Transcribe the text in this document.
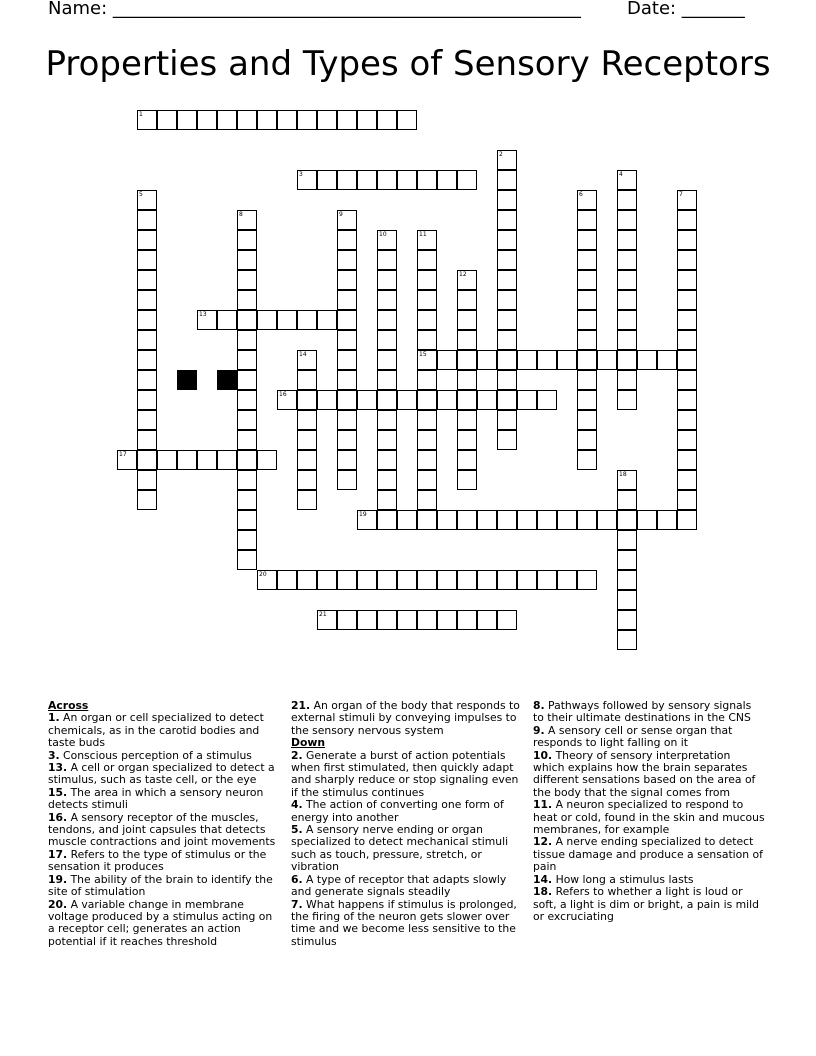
Name: ____________________________________________________	Date: _______
Properties and Types of Sensory Receptors
1
2
3	4
5	6	7
8	9
10	11
15
12
13
14
16
17
18
19
20
21
Across
1. An organ or cell specialized to detect chemicals, as in the carotid bodies and taste buds
3. Conscious perception of a stimulus
13. A cell or organ specialized to detect a stimulus, such as taste cell, or the eye
15. The area in which a sensory neuron detects stimuli
16. A sensory receptor of the muscles, tendons, and joint capsules that detects muscle contractions and joint movements
17. Refers to the type of stimulus or the sensation it produces
19. The ability of the brain to identify the site of stimulation
20. A variable change in membrane voltage produced by a stimulus acting on a receptor cell; generates an action potential if it reaches threshold
21. An organ of the body that responds to external stimuli by conveying impulses to the sensory nervous system
Down
2. Generate a burst of action potentials when first stimulated, then quickly adapt and sharply reduce or stop signaling even if the stimulus continues
4. The action of converting one form of energy into another
5. A sensory nerve ending or organ specialized to detect mechanical stimuli such as touch, pressure, stretch, or vibration
6. A type of receptor that adapts slowly and generate signals steadily
7. What happens if stimulus is prolonged, the firing of the neuron gets slower over time and we become less sensitive to the stimulus
8. Pathways followed by sensory signals to their ultimate destinations in the CNS
9. A sensory cell or sense organ that responds to light falling on it
10. Theory of sensory interpretation which explains how the brain separates different sensations based on the area of the body that the signal comes from
11. A neuron specialized to respond to heat or cold, found in the skin and mucous membranes, for example
12. A nerve ending specialized to detect tissue damage and produce a sensation of pain
14. How long a stimulus lasts
18. Refers to whether a light is loud or soft, a light is dim or bright, a pain is mild or excruciating
